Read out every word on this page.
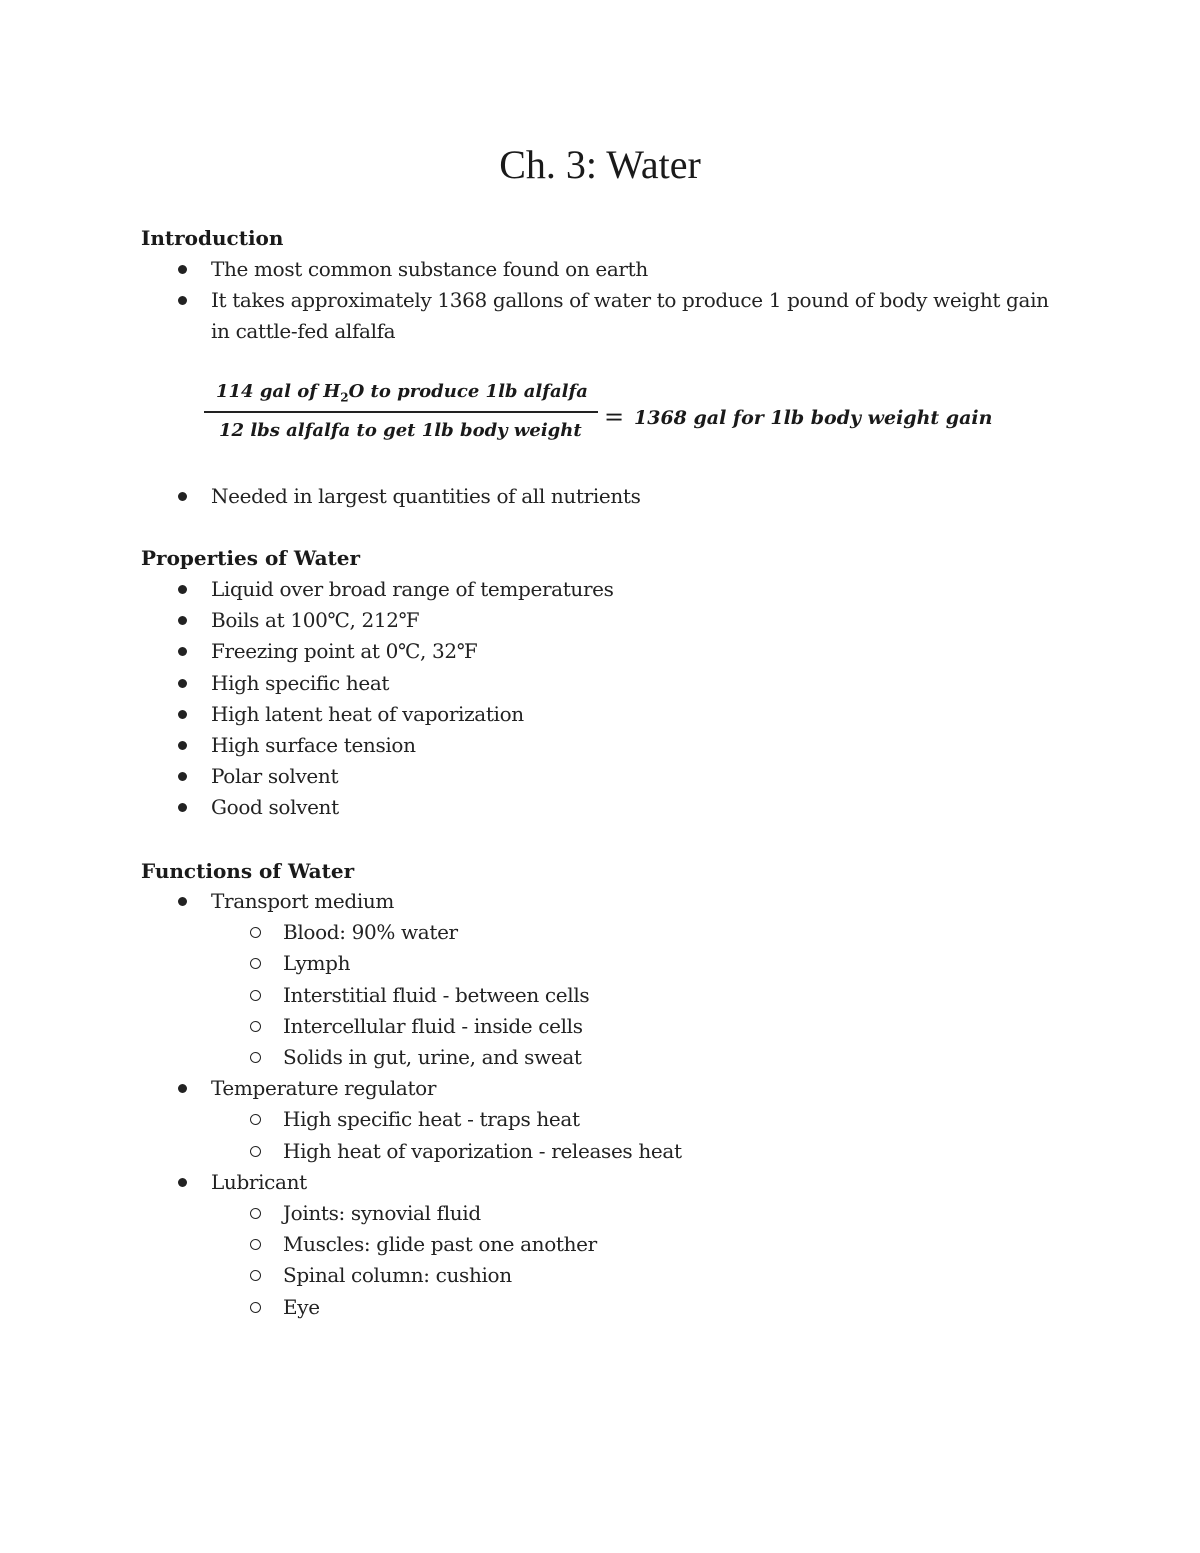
Ch. 3: Water
Introduction
The most common substance found on earth
It takes approximately 1368 gallons of water to produce 1 pound of body weight gain in cattle-fed alfalfa
114 gal of $H_2O$ to produce 1lb alfalfa
12 lbs alfalfa to get 1lb body weight = 1368 gal for 1lb body weight gain
Needed in largest quantities of all nutrients
Properties of Water
Liquid over broad range of temperatures
Boils at 100℃, 212℉
Freezing point at 0℃, 32℉
High specific heat
High latent heat of vaporization
High surface tension
Polar solvent
Good solvent
Functions of Water
Transport medium
Blood: 90% water
Lymph
Interstitial fluid - between cells
Intercellular fluid - inside cells
Solids in gut, urine, and sweat
Temperature regulator
High specific heat - traps heat
High heat of vaporization - releases heat
Lubricant
Joints: synovial fluid
Muscles: glide past one another
Spinal column: cushion
Eye
